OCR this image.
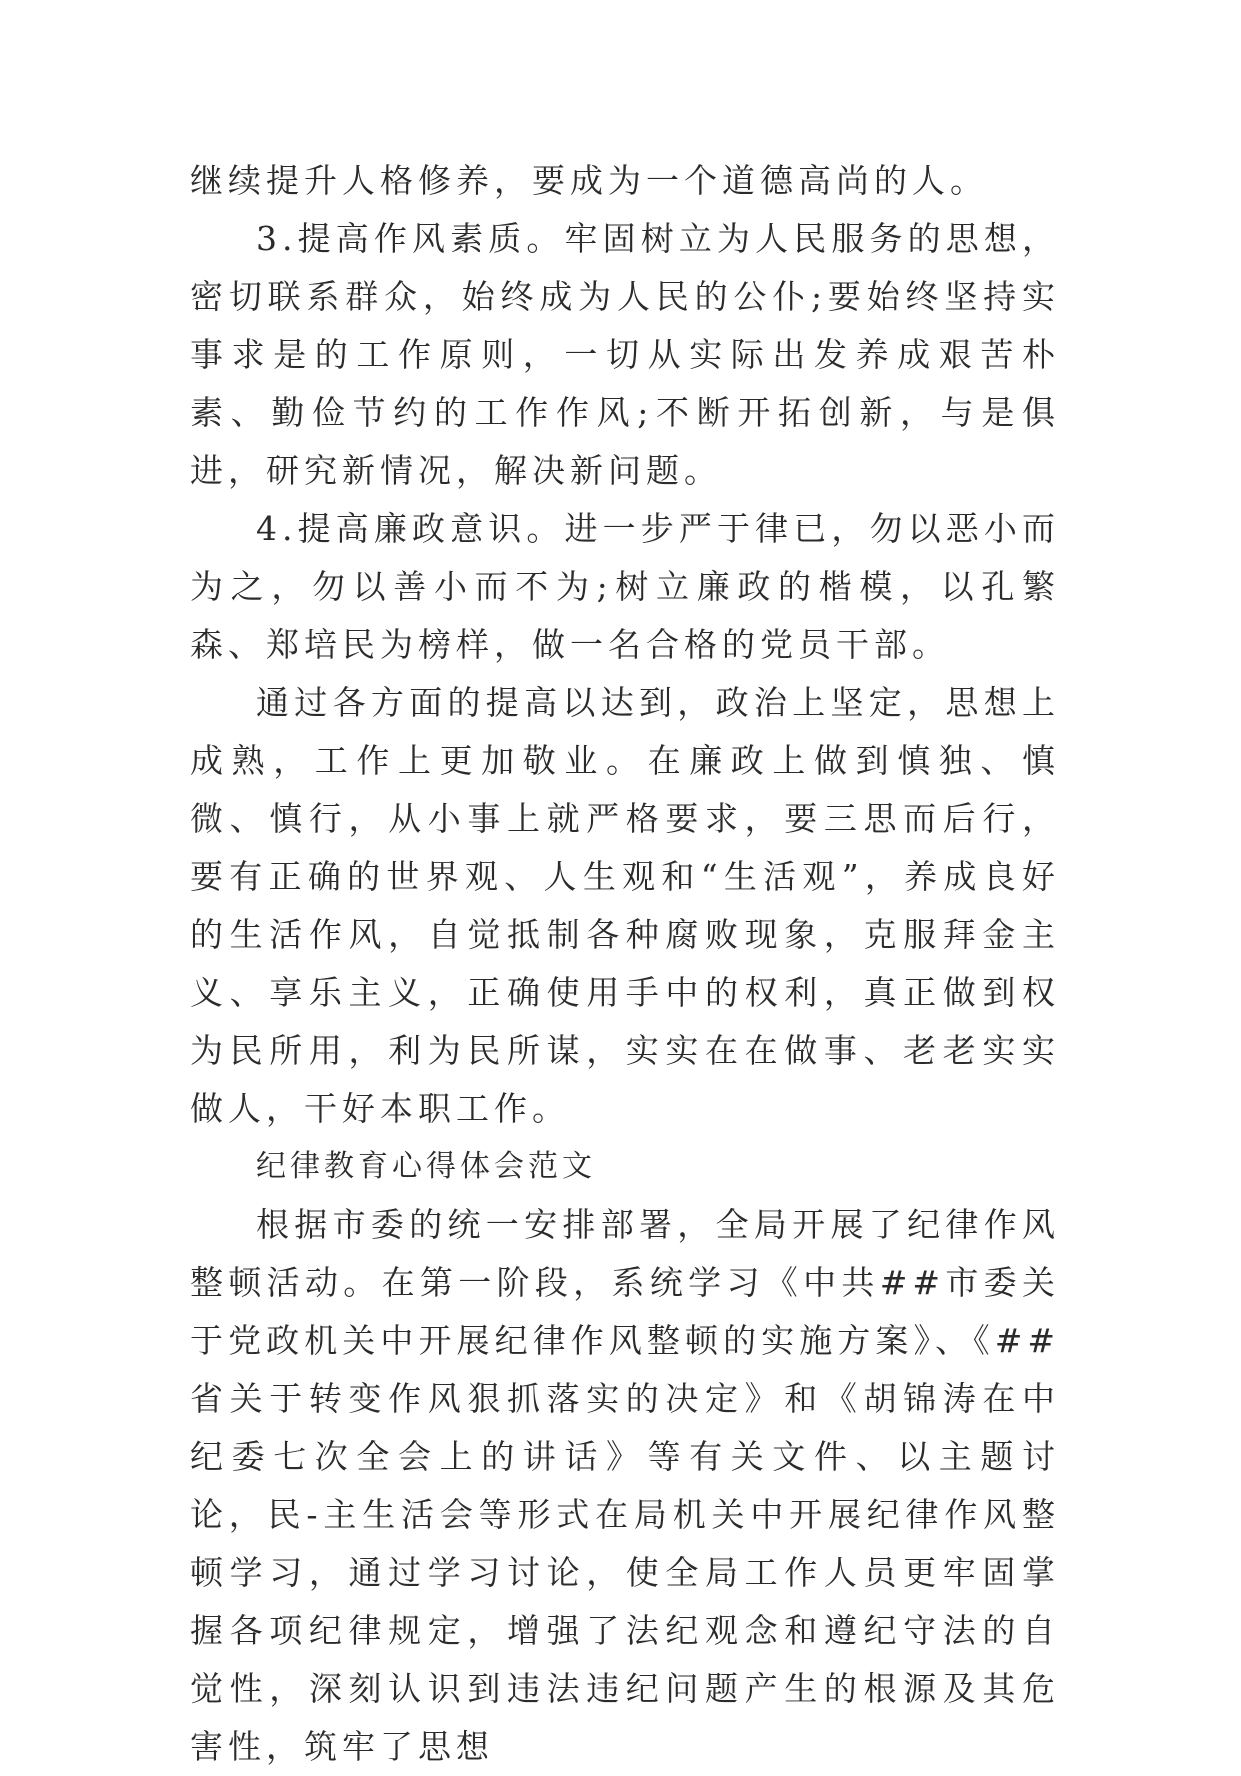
继续提升人格修养，要成为一个道德高尚的人。

3.提高作风素质。牢固树立为人民服务的思想，密切联系群众，始终成为人民的公仆;要始终坚持实事求是的工作原则，一切从实际出发养成艰苦朴素、勤俭节约的工作作风;不断开拓创新，与是俱进，研究新情况，解决新问题。

4.提高廉政意识。进一步严于律已，勿以恶小而为之，勿以善小而不为;树立廉政的楷模，以孔繁森、郑培民为榜样，做一名合格的党员干部。

通过各方面的提高以达到，政治上坚定，思想上成熟，工作上更加敬业。在廉政上做到慎独、慎微、慎行，从小事上就严格要求，要三思而后行，要有正确的世界观、人生观和“生活观”，养成良好的生活作风，自觉抵制各种腐败现象，克服拜金主义、享乐主义，正确使用手中的权利，真正做到权为民所用，利为民所谋，实实在在做事、老老实实做人，干好本职工作。

纪律教育心得体会范文

根据市委的统一安排部署，全局开展了纪律作风整顿活动。在第一阶段，系统学习《中共##市委关于党政机关中开展纪律作风整顿的实施方案》、《##省关于转变作风狠抓落实的决定》和《胡锦涛在中纪委七次全会上的讲话》等有关文件、以主题讨论，民-主生活会等形式在局机关中开展纪律作风整顿学习，通过学习讨论，使全局工作人员更牢固掌握各项纪律规定，增强了法纪观念和遵纪守法的自觉性，深刻认识到违法违纪问题产生的根源及其危害性，筑牢了思想
